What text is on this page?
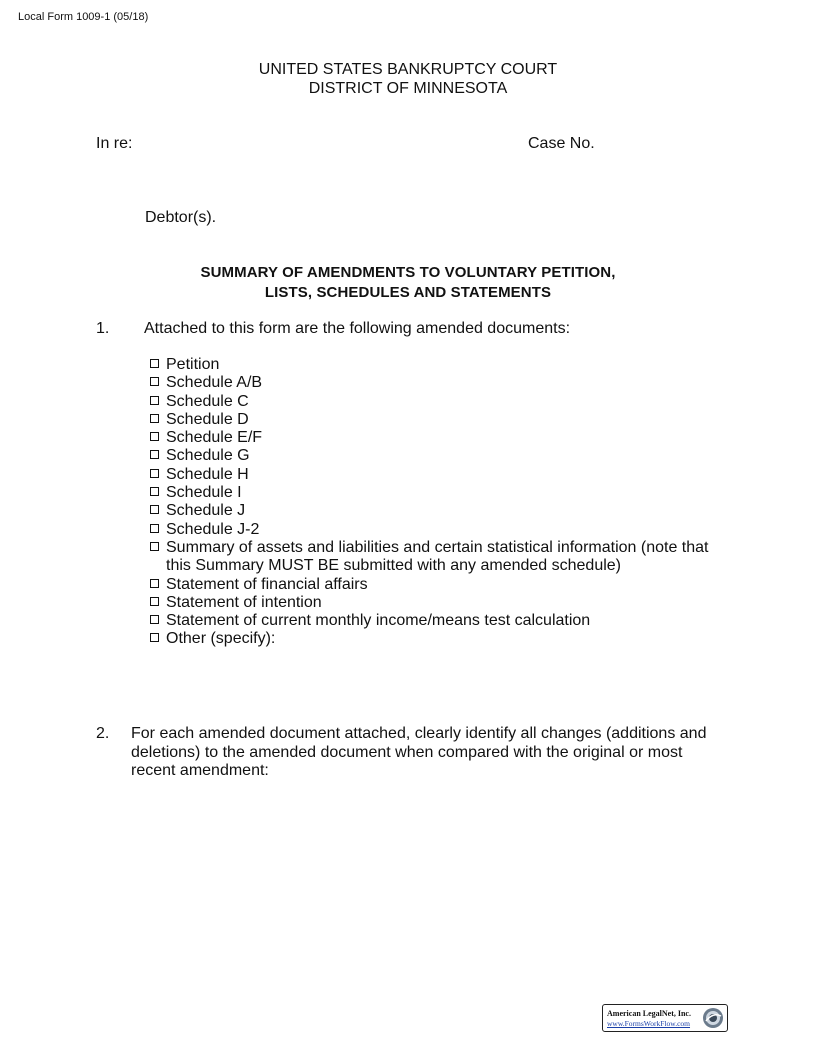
Local Form 1009-1 (05/18)
UNITED STATES BANKRUPTCY COURT
DISTRICT OF MINNESOTA
In re:	Case No.
Debtor(s).
SUMMARY OF AMENDMENTS TO VOLUNTARY PETITION,
LISTS, SCHEDULES AND STATEMENTS
1. Attached to this form are the following amended documents:
Petition
Schedule A/B
Schedule C
Schedule D
Schedule E/F
Schedule G
Schedule H
Schedule I
Schedule J
Schedule J-2
Summary of assets and liabilities and certain statistical information (note that this Summary MUST BE submitted with any amended schedule)
Statement of financial affairs
Statement of intention
Statement of current monthly income/means test calculation
Other (specify):
2. For each amended document attached, clearly identify all changes (additions and deletions) to the amended document when compared with the original or most recent amendment:
American LegalNet, Inc.
www.FormsWorkFlow.com
